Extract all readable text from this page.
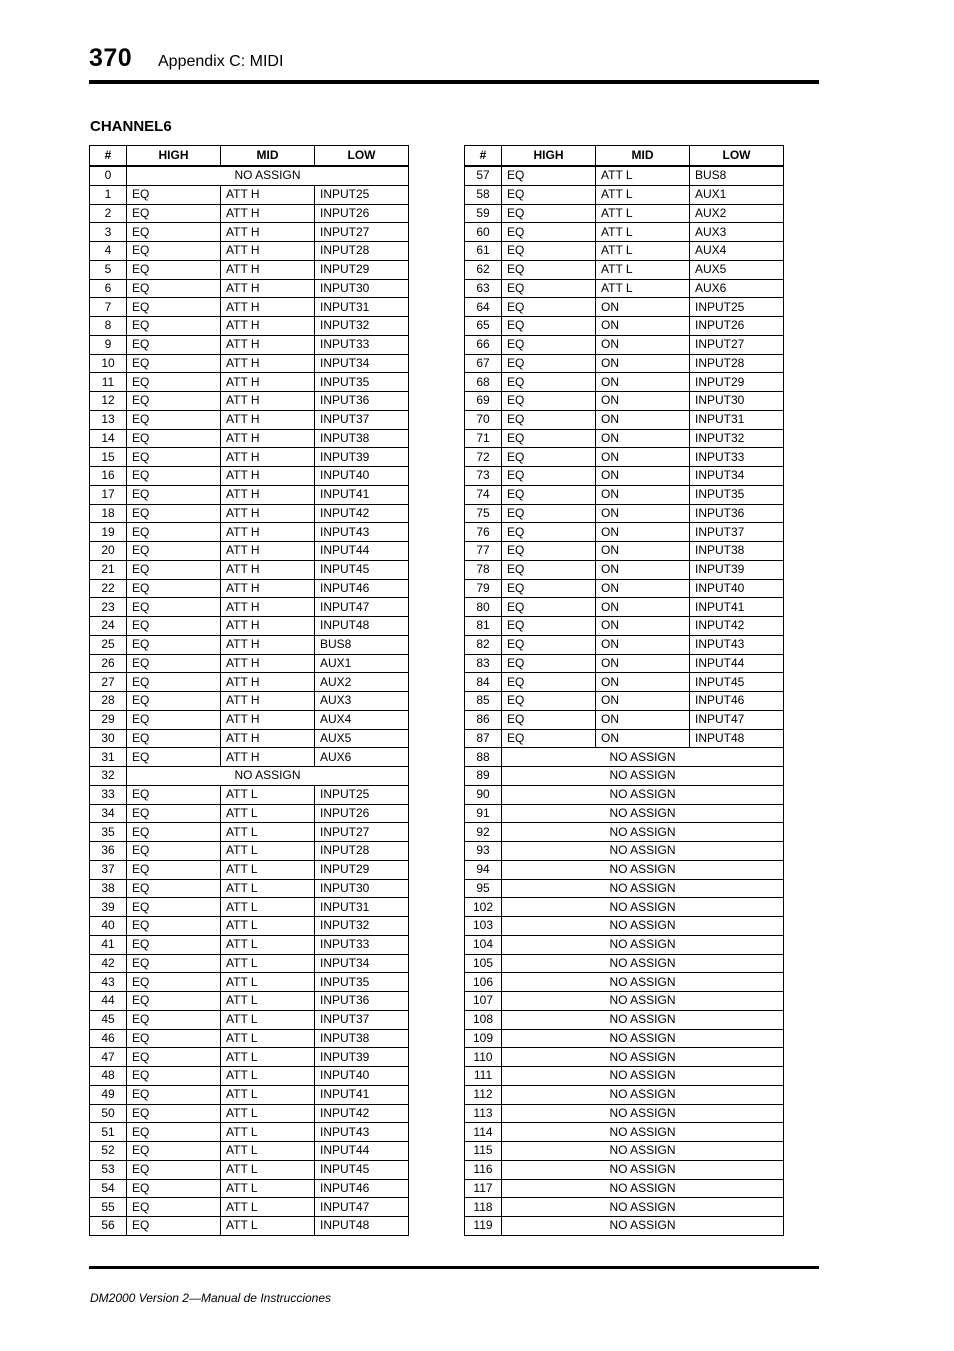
370 Appendix C: MIDI
CHANNEL6
#	HIGH	MID	LOW
0	NO ASSIGN		
1	EQ	ATT H	INPUT25
2	EQ	ATT H	INPUT26
3	EQ	ATT H	INPUT27
4	EQ	ATT H	INPUT28
5	EQ	ATT H	INPUT29
6	EQ	ATT H	INPUT30
7	EQ	ATT H	INPUT31
8	EQ	ATT H	INPUT32
9	EQ	ATT H	INPUT33
10	EQ	ATT H	INPUT34
11	EQ	ATT H	INPUT35
12	EQ	ATT H	INPUT36
13	EQ	ATT H	INPUT37
14	EQ	ATT H	INPUT38
15	EQ	ATT H	INPUT39
16	EQ	ATT H	INPUT40
17	EQ	ATT H	INPUT41
18	EQ	ATT H	INPUT42
19	EQ	ATT H	INPUT43
20	EQ	ATT H	INPUT44
21	EQ	ATT H	INPUT45
22	EQ	ATT H	INPUT46
23	EQ	ATT H	INPUT47
24	EQ	ATT H	INPUT48
25	EQ	ATT H	BUS8
26	EQ	ATT H	AUX1
27	EQ	ATT H	AUX2
28	EQ	ATT H	AUX3
29	EQ	ATT H	AUX4
30	EQ	ATT H	AUX5
31	EQ	ATT H	AUX6
32	NO ASSIGN		
33	EQ	ATT L	INPUT25
34	EQ	ATT L	INPUT26
35	EQ	ATT L	INPUT27
36	EQ	ATT L	INPUT28
37	EQ	ATT L	INPUT29
38	EQ	ATT L	INPUT30
39	EQ	ATT L	INPUT31
40	EQ	ATT L	INPUT32
41	EQ	ATT L	INPUT33
42	EQ	ATT L	INPUT34
43	EQ	ATT L	INPUT35
44	EQ	ATT L	INPUT36
45	EQ	ATT L	INPUT37
46	EQ	ATT L	INPUT38
47	EQ	ATT L	INPUT39
48	EQ	ATT L	INPUT40
49	EQ	ATT L	INPUT41
50	EQ	ATT L	INPUT42
51	EQ	ATT L	INPUT43
52	EQ	ATT L	INPUT44
53	EQ	ATT L	INPUT45
54	EQ	ATT L	INPUT46
55	EQ	ATT L	INPUT47
56	EQ	ATT L	INPUT48
#	HIGH	MID	LOW
57	EQ	ATT L	BUS8
58	EQ	ATT L	AUX1
59	EQ	ATT L	AUX2
60	EQ	ATT L	AUX3
61	EQ	ATT L	AUX4
62	EQ	ATT L	AUX5
63	EQ	ATT L	AUX6
64	EQ	ON	INPUT25
65	EQ	ON	INPUT26
66	EQ	ON	INPUT27
67	EQ	ON	INPUT28
68	EQ	ON	INPUT29
69	EQ	ON	INPUT30
70	EQ	ON	INPUT31
71	EQ	ON	INPUT32
72	EQ	ON	INPUT33
73	EQ	ON	INPUT34
74	EQ	ON	INPUT35
75	EQ	ON	INPUT36
76	EQ	ON	INPUT37
77	EQ	ON	INPUT38
78	EQ	ON	INPUT39
79	EQ	ON	INPUT40
80	EQ	ON	INPUT41
81	EQ	ON	INPUT42
82	EQ	ON	INPUT43
83	EQ	ON	INPUT44
84	EQ	ON	INPUT45
85	EQ	ON	INPUT46
86	EQ	ON	INPUT47
87	EQ	ON	INPUT48
88	NO ASSIGN		
89	NO ASSIGN		
90	NO ASSIGN		
91	NO ASSIGN		
92	NO ASSIGN		
93	NO ASSIGN		
94	NO ASSIGN		
95	NO ASSIGN		
102	NO ASSIGN		
103	NO ASSIGN		
104	NO ASSIGN		
105	NO ASSIGN		
106	NO ASSIGN		
107	NO ASSIGN		
108	NO ASSIGN		
109	NO ASSIGN		
110	NO ASSIGN		
111	NO ASSIGN		
112	NO ASSIGN		
113	NO ASSIGN		
114	NO ASSIGN		
115	NO ASSIGN		
116	NO ASSIGN		
117	NO ASSIGN		
118	NO ASSIGN		
119	NO ASSIGN		
DM2000 Version 2—Manual de Instrucciones
